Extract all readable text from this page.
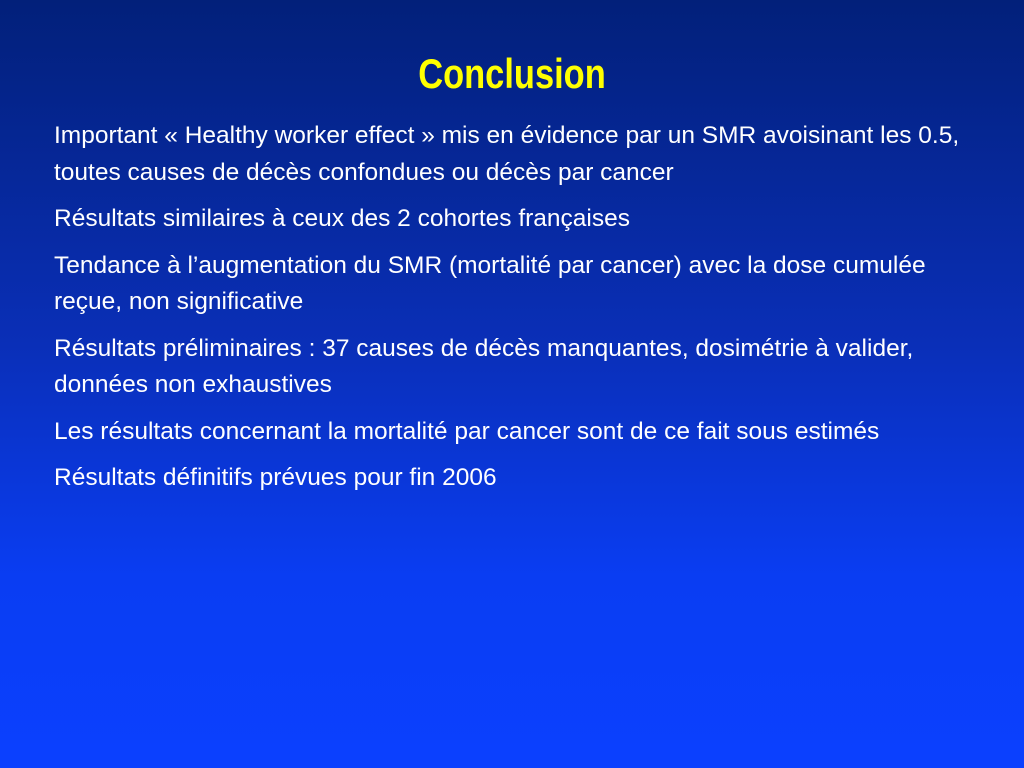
Conclusion
Important « Healthy worker effect » mis en évidence par un SMR avoisinant les 0.5, toutes causes de décès confondues ou décès par cancer
Résultats similaires à ceux des 2 cohortes françaises
Tendance à l’augmentation du SMR (mortalité par cancer) avec la dose cumulée reçue, non significative
Résultats préliminaires : 37 causes de décès manquantes, dosimétrie à valider, données non exhaustives
Les résultats concernant la mortalité par cancer sont de ce fait sous estimés
Résultats définitifs prévues pour fin 2006
